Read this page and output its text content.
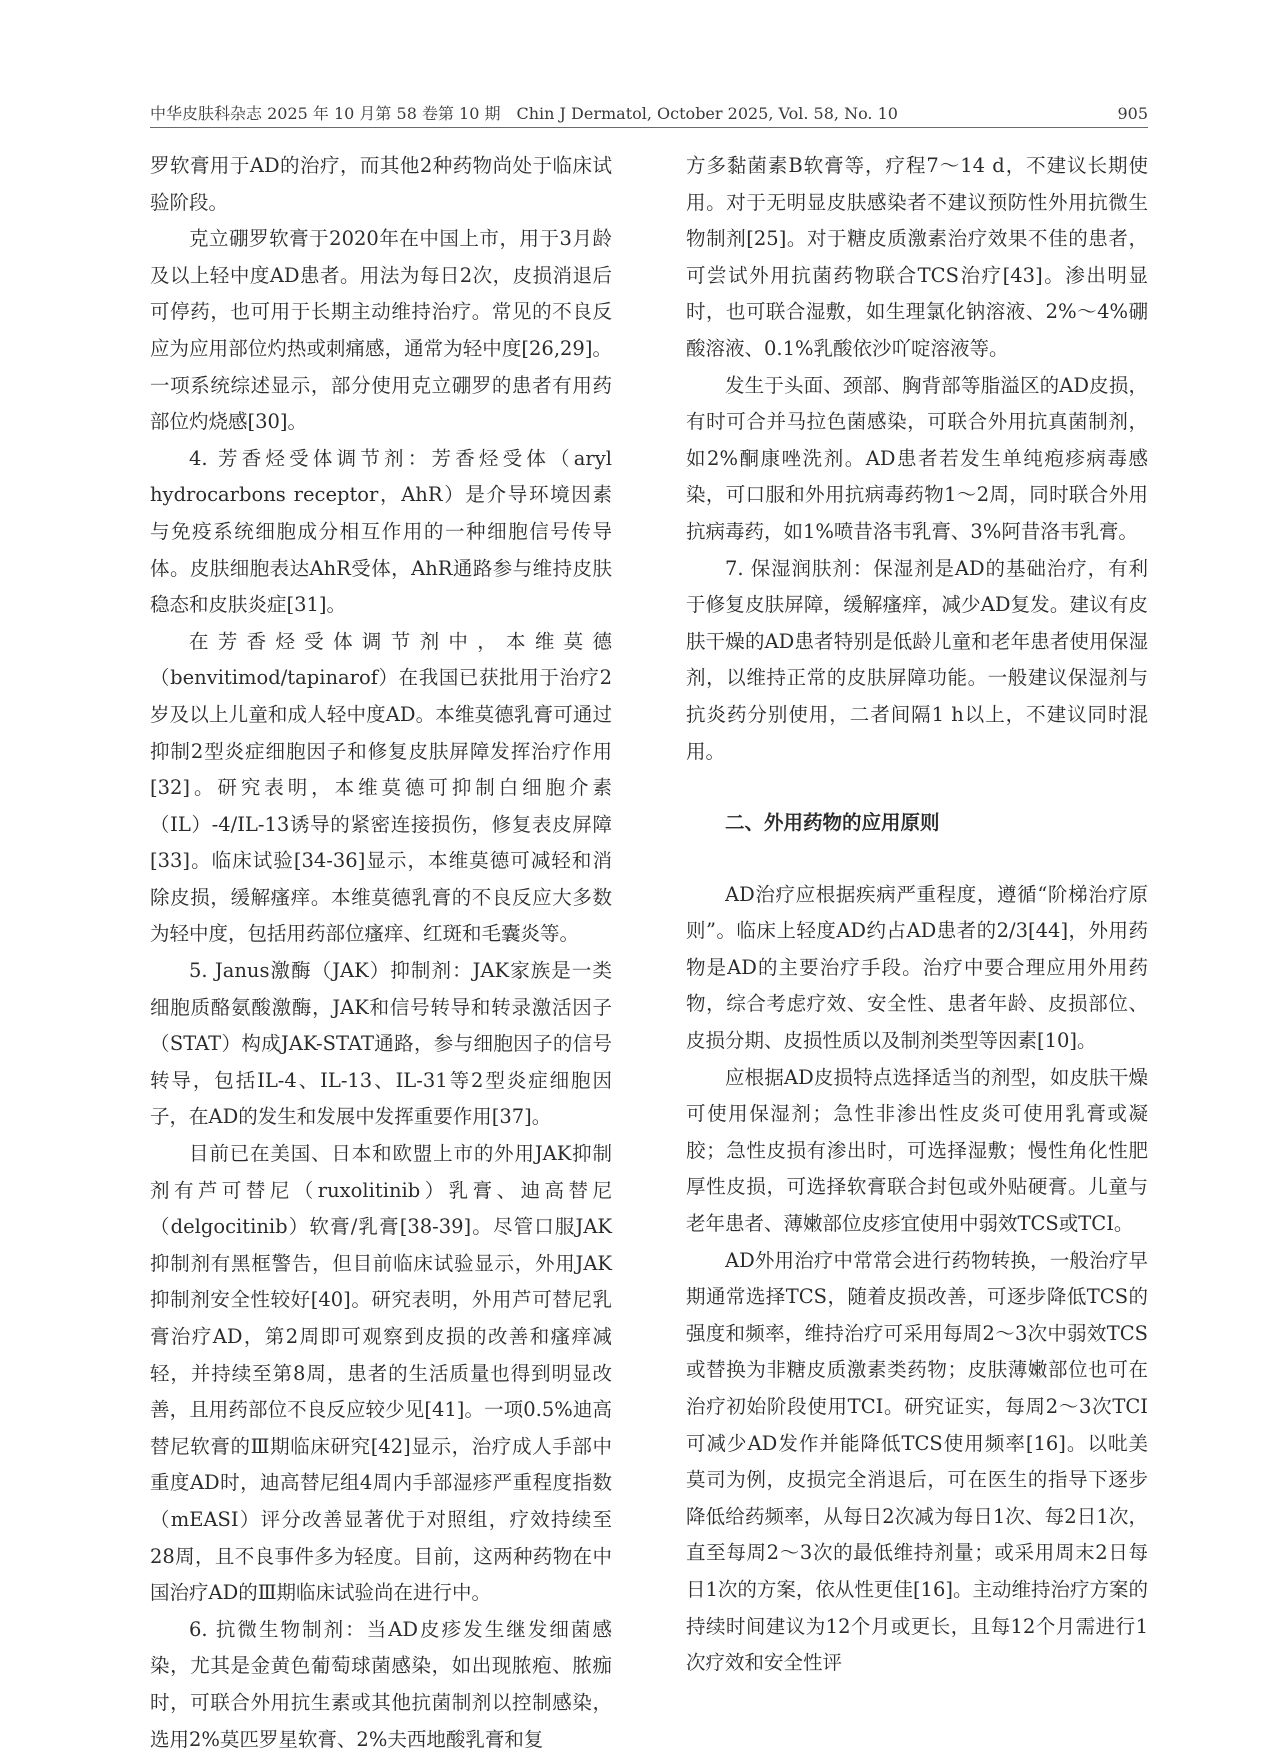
中华皮肤科杂志 2025 年 10 月第 58 卷第 10 期　Chin J Dermatol, October 2025, Vol. 58, No. 10	905

罗软膏用于AD的治疗，而其他2种药物尚处于临床试验阶段。

克立硼罗软膏于2020年在中国上市，用于3月龄及以上轻中度AD患者。用法为每日2次，皮损消退后可停药，也可用于长期主动维持治疗。常见的不良反应为应用部位灼热或刺痛感，通常为轻中度[26,29]。一项系统综述显示，部分使用克立硼罗的患者有用药部位灼烧感[30]。

4. 芳香烃受体调节剂：芳香烃受体（aryl hydrocarbons receptor，AhR）是介导环境因素与免疫系统细胞成分相互作用的一种细胞信号传导体。皮肤细胞表达AhR受体，AhR通路参与维持皮肤稳态和皮肤炎症[31]。

在芳香烃受体调节剂中，本维莫德（benvitimod/tapinarof）在我国已获批用于治疗2岁及以上儿童和成人轻中度AD。本维莫德乳膏可通过抑制2型炎症细胞因子和修复皮肤屏障发挥治疗作用[32]。研究表明，本维莫德可抑制白细胞介素（IL）-4/IL-13诱导的紧密连接损伤，修复表皮屏障[33]。临床试验[34-36]显示，本维莫德可减轻和消除皮损，缓解瘙痒。本维莫德乳膏的不良反应大多数为轻中度，包括用药部位瘙痒、红斑和毛囊炎等。

5. Janus激酶（JAK）抑制剂：JAK家族是一类细胞质酪氨酸激酶，JAK和信号转导和转录激活因子（STAT）构成JAK-STAT通路，参与细胞因子的信号转导，包括IL-4、IL-13、IL-31等2型炎症细胞因子，在AD的发生和发展中发挥重要作用[37]。

目前已在美国、日本和欧盟上市的外用JAK抑制剂有芦可替尼（ruxolitinib）乳膏、迪高替尼（delgocitinib）软膏/乳膏[38-39]。尽管口服JAK抑制剂有黑框警告，但目前临床试验显示，外用JAK抑制剂安全性较好[40]。研究表明，外用芦可替尼乳膏治疗AD，第2周即可观察到皮损的改善和瘙痒减轻，并持续至第8周，患者的生活质量也得到明显改善，且用药部位不良反应较少见[41]。一项0.5%迪高替尼软膏的Ⅲ期临床研究[42]显示，治疗成人手部中重度AD时，迪高替尼组4周内手部湿疹严重程度指数（mEASI）评分改善显著优于对照组，疗效持续至28周，且不良事件多为轻度。目前，这两种药物在中国治疗AD的Ⅲ期临床试验尚在进行中。

6. 抗微生物制剂：当AD皮疹发生继发细菌感染，尤其是金黄色葡萄球菌感染，如出现脓疱、脓痂时，可联合外用抗生素或其他抗菌制剂以控制感染，选用2%莫匹罗星软膏、2%夫西地酸乳膏和复

方多黏菌素B软膏等，疗程7～14 d，不建议长期使用。对于无明显皮肤感染者不建议预防性外用抗微生物制剂[25]。对于糖皮质激素治疗效果不佳的患者，可尝试外用抗菌药物联合TCS治疗[43]。渗出明显时，也可联合湿敷，如生理氯化钠溶液、2%～4%硼酸溶液、0.1%乳酸依沙吖啶溶液等。

发生于头面、颈部、胸背部等脂溢区的AD皮损，有时可合并马拉色菌感染，可联合外用抗真菌制剂，如2%酮康唑洗剂。AD患者若发生单纯疱疹病毒感染，可口服和外用抗病毒药物1～2周，同时联合外用抗病毒药，如1%喷昔洛韦乳膏、3%阿昔洛韦乳膏。

7. 保湿润肤剂：保湿剂是AD的基础治疗，有利于修复皮肤屏障，缓解瘙痒，减少AD复发。建议有皮肤干燥的AD患者特别是低龄儿童和老年患者使用保湿剂，以维持正常的皮肤屏障功能。一般建议保湿剂与抗炎药分别使用，二者间隔1 h以上，不建议同时混用。

二、外用药物的应用原则

AD治疗应根据疾病严重程度，遵循“阶梯治疗原则”。临床上轻度AD约占AD患者的2/3[44]，外用药物是AD的主要治疗手段。治疗中要合理应用外用药物，综合考虑疗效、安全性、患者年龄、皮损部位、皮损分期、皮损性质以及制剂类型等因素[10]。

应根据AD皮损特点选择适当的剂型，如皮肤干燥可使用保湿剂；急性非渗出性皮炎可使用乳膏或凝胶；急性皮损有渗出时，可选择湿敷；慢性角化性肥厚性皮损，可选择软膏联合封包或外贴硬膏。儿童与老年患者、薄嫩部位皮疹宜使用中弱效TCS或TCI。

AD外用治疗中常常会进行药物转换，一般治疗早期通常选择TCS，随着皮损改善，可逐步降低TCS的强度和频率，维持治疗可采用每周2～3次中弱效TCS或替换为非糖皮质激素类药物；皮肤薄嫩部位也可在治疗初始阶段使用TCI。研究证实，每周2～3次TCI可减少AD发作并能降低TCS使用频率[16]。以吡美莫司为例，皮损完全消退后，可在医生的指导下逐步降低给药频率，从每日2次减为每日1次、每2日1次，直至每周2～3次的最低维持剂量；或采用周末2日每日1次的方案，依从性更佳[16]。主动维持治疗方案的持续时间建议为12个月或更长，且每12个月需进行1次疗效和安全性评
